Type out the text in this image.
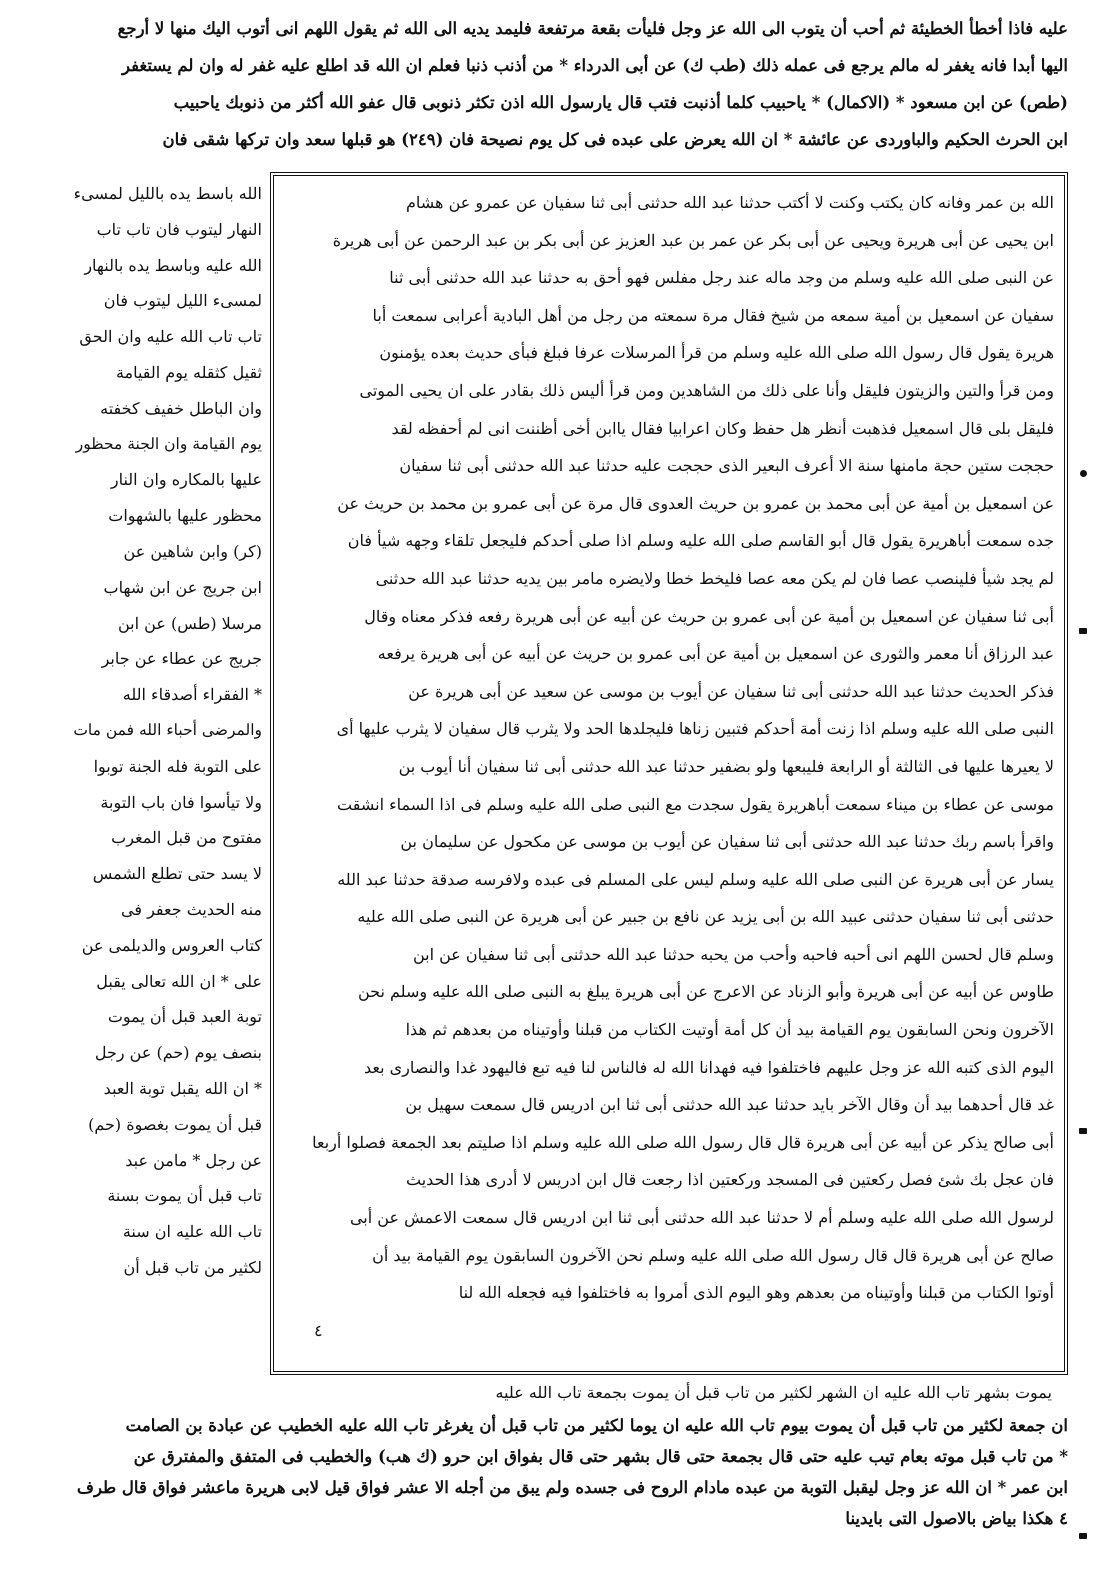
عليه فاذا أخطأ الخطيئة ثم أحب أن يتوب الى الله عز وجل فليأت بقعة مرتفعة فليمد يديه الى الله ثم يقول اللهم انى أتوب اليك منها لا أرجع
اليها أبدا فانه يغفر له مالم يرجع فى عمله ذلك (طب ك) عن أبى الدرداء * من أذنب ذنبا فعلم ان الله قد اطلع عليه غفر له وان لم يستغفر
(طص) عن ابن مسعود * (الاكمال) * ياحبيب كلما أذنبت فتب قال يارسول الله اذن تكثر ذنوبى قال عفو الله أكثر من ذنوبك ياحبيب
ابن الحرث الحكيم والباوردى عن عائشة * ان الله يعرض على عبده فى كل يوم نصيحة فان (٢٤٩) هو قبلها سعد وان تركها شقى فان
الله بن عمر وفانه كان يكتب وكنت لا أكتب حدثنا عبد الله حدثنى أبى ثنا سفيان عن عمرو عن هشام
ابن يحيى عن أبى هريرة ويحيى عن أبى بكر عن عمر بن عبد العزيز عن أبى بكر بن عبد الرحمن عن أبى هريرة
عن النبى صلى الله عليه وسلم من وجد ماله عند رجل مفلس فهو أحق به حدثنا عبد الله حدثنى أبى ثنا
سفيان عن اسمعيل بن أمية سمعه من شيخ فقال مرة سمعته من رجل من أهل البادية أعرابى سمعت أبا
هريرة يقول قال رسول الله صلى الله عليه وسلم من قرأ المرسلات عرفا فبلغ فبأى حديث بعده يؤمنون
ومن قرأ والتين والزيتون فليقل وأنا على ذلك من الشاهدين ومن قرأ أليس ذلك بقادر على ان يحيى الموتى
فليقل بلى قال اسمعيل فذهبت أنظر هل حفظ وكان اعرابيا فقال ياابن أخى أظننت انى لم أحفظه لقد
حججت ستين حجة مامنها سنة الا أعرف البعير الذى حججت عليه حدثنا عبد الله حدثنى أبى ثنا سفيان
عن اسمعيل بن أمية عن أبى محمد بن عمرو بن حريث العدوى قال مرة عن أبى عمرو بن محمد بن حريث عن
جده سمعت أباهريرة يقول قال أبو القاسم صلى الله عليه وسلم اذا صلى أحدكم فليجعل تلقاء وجهه شيأ فان
لم يجد شيأ فلينصب عصا فان لم يكن معه عصا فليخط خطا ولايضره مامر بين يديه حدثنا عبد الله حدثنى
أبى ثنا سفيان عن اسمعيل بن أمية عن أبى عمرو بن حريث عن أبيه عن أبى هريرة رفعه فذكر معناه وقال
عبد الرزاق أنا معمر والثورى عن اسمعيل بن أمية عن أبى عمرو بن حريث عن أبيه عن أبى هريرة يرفعه
فذكر الحديث حدثنا عبد الله حدثنى أبى ثنا سفيان عن أيوب بن موسى عن سعيد عن أبى هريرة عن
النبى صلى الله عليه وسلم اذا زنت أمة أحدكم فتبين زناها فليجلدها الحد ولا يثرب قال سفيان لا يثرب عليها أى
لا يعيرها عليها فى الثالثة أو الرابعة فليبعها ولو بضفير حدثنا عبد الله حدثنى أبى ثنا سفيان أنا أيوب بن
موسى عن عطاء بن ميناء سمعت أباهريرة يقول سجدت مع النبى صلى الله عليه وسلم فى اذا السماء انشقت
واقرأ باسم ربك حدثنا عبد الله حدثنى أبى ثنا سفيان عن أيوب بن موسى عن مكحول عن سليمان بن
يسار عن أبى هريرة عن النبى صلى الله عليه وسلم ليس على المسلم فى عبده ولافرسه صدقة حدثنا عبد الله
حدثنى أبى ثنا سفيان حدثنى عبيد الله بن أبى يزيد عن نافع بن جبير عن أبى هريرة عن النبى صلى الله عليه
وسلم قال لحسن اللهم انى أحبه فاحبه وأحب من يحبه حدثنا عبد الله حدثنى أبى ثنا سفيان عن ابن
طاوس عن أبيه عن أبى هريرة وأبو الزناد عن الاعرج عن أبى هريرة يبلغ به النبى صلى الله عليه وسلم نحن
الآخرون ونحن السابقون يوم القيامة بيد أن كل أمة أوتيت الكتاب من قبلنا وأوتيناه من بعدهم ثم هذا
اليوم الذى كتبه الله عز وجل عليهم فاختلفوا فيه فهدانا الله له فالناس لنا فيه تبع فاليهود غدا والنصارى بعد
غد قال أحدهما بيد أن وقال الآخر بايد حدثنا عبد الله حدثنى أبى ثنا ابن ادريس قال سمعت سهيل بن
أبى صالح يذكر عن أبيه عن أبى هريرة قال قال رسول الله صلى الله عليه وسلم اذا صليتم بعد الجمعة فصلوا أربعا
فان عجل بك شئ فصل ركعتين فى المسجد وركعتين اذا رجعت قال ابن ادريس لا أدرى هذا الحديث
لرسول الله صلى الله عليه وسلم أم لا حدثنا عبد الله حدثنى أبى ثنا ابن ادريس قال سمعت الاعمش عن أبى
صالح عن أبى هريرة قال قال رسول الله صلى الله عليه وسلم نحن الآخرون السابقون يوم القيامة بيد أن
أوتوا الكتاب من قبلنا وأوتيناه من بعدهم وهو اليوم الذى أمروا به فاختلفوا فيه فجعله الله لنا
٤
الله باسط يده بالليل لمسىء
النهار ليتوب فان تاب تاب
الله عليه وباسط يده بالنهار
لمسىء الليل ليتوب فان
تاب تاب الله عليه وان الحق
ثقيل كثقله يوم القيامة
وان الباطل خفيف كخفته
يوم القيامة وان الجنة محظور
عليها بالمكاره وان النار
محظور عليها بالشهوات
(كر) وابن شاهين عن
ابن جريج عن ابن شهاب
مرسلا (طس) عن ابن
جريج عن عطاء عن جابر
* الفقراء أصدقاء الله
والمرضى أحباء الله فمن مات
على التوبة فله الجنة توبوا
ولا تيأسوا فان باب التوبة
مفتوح من قبل المغرب
لا يسد حتى تطلع الشمس
منه الحديث جعفر فى
كتاب العروس والديلمى عن
على * ان الله تعالى يقبل
توبة العبد قبل أن يموت
بنصف يوم (حم) عن رجل
* ان الله يقبل توبة العبد
قبل أن يموت بغصوة (حم)
عن رجل * مامن عبد
تاب قبل أن يموت بسنة
تاب الله عليه ان سنة
لكثير من تاب قبل أن
يموت بشهر تاب الله عليه ان الشهر لكثير من تاب قبل أن يموت بجمعة تاب الله عليه
ان جمعة لكثير من تاب قبل أن يموت بيوم تاب الله عليه ان يوما لكثير من تاب قبل أن يغرغر تاب الله عليه الخطيب عن عبادة بن الصامت
* من تاب قبل موته بعام تيب عليه حتى قال بجمعة حتى قال بشهر حتى قال بفواق ابن حرو (ك هب) والخطيب فى المتفق والمفترق عن
ابن عمر * ان الله عز وجل ليقبل التوبة من عبده مادام الروح فى جسده ولم يبق من أجله الا عشر فواق قيل لابى هريرة ماعشر فواق قال طرف
٤ هكذا بياض بالاصول التى بايدينا
